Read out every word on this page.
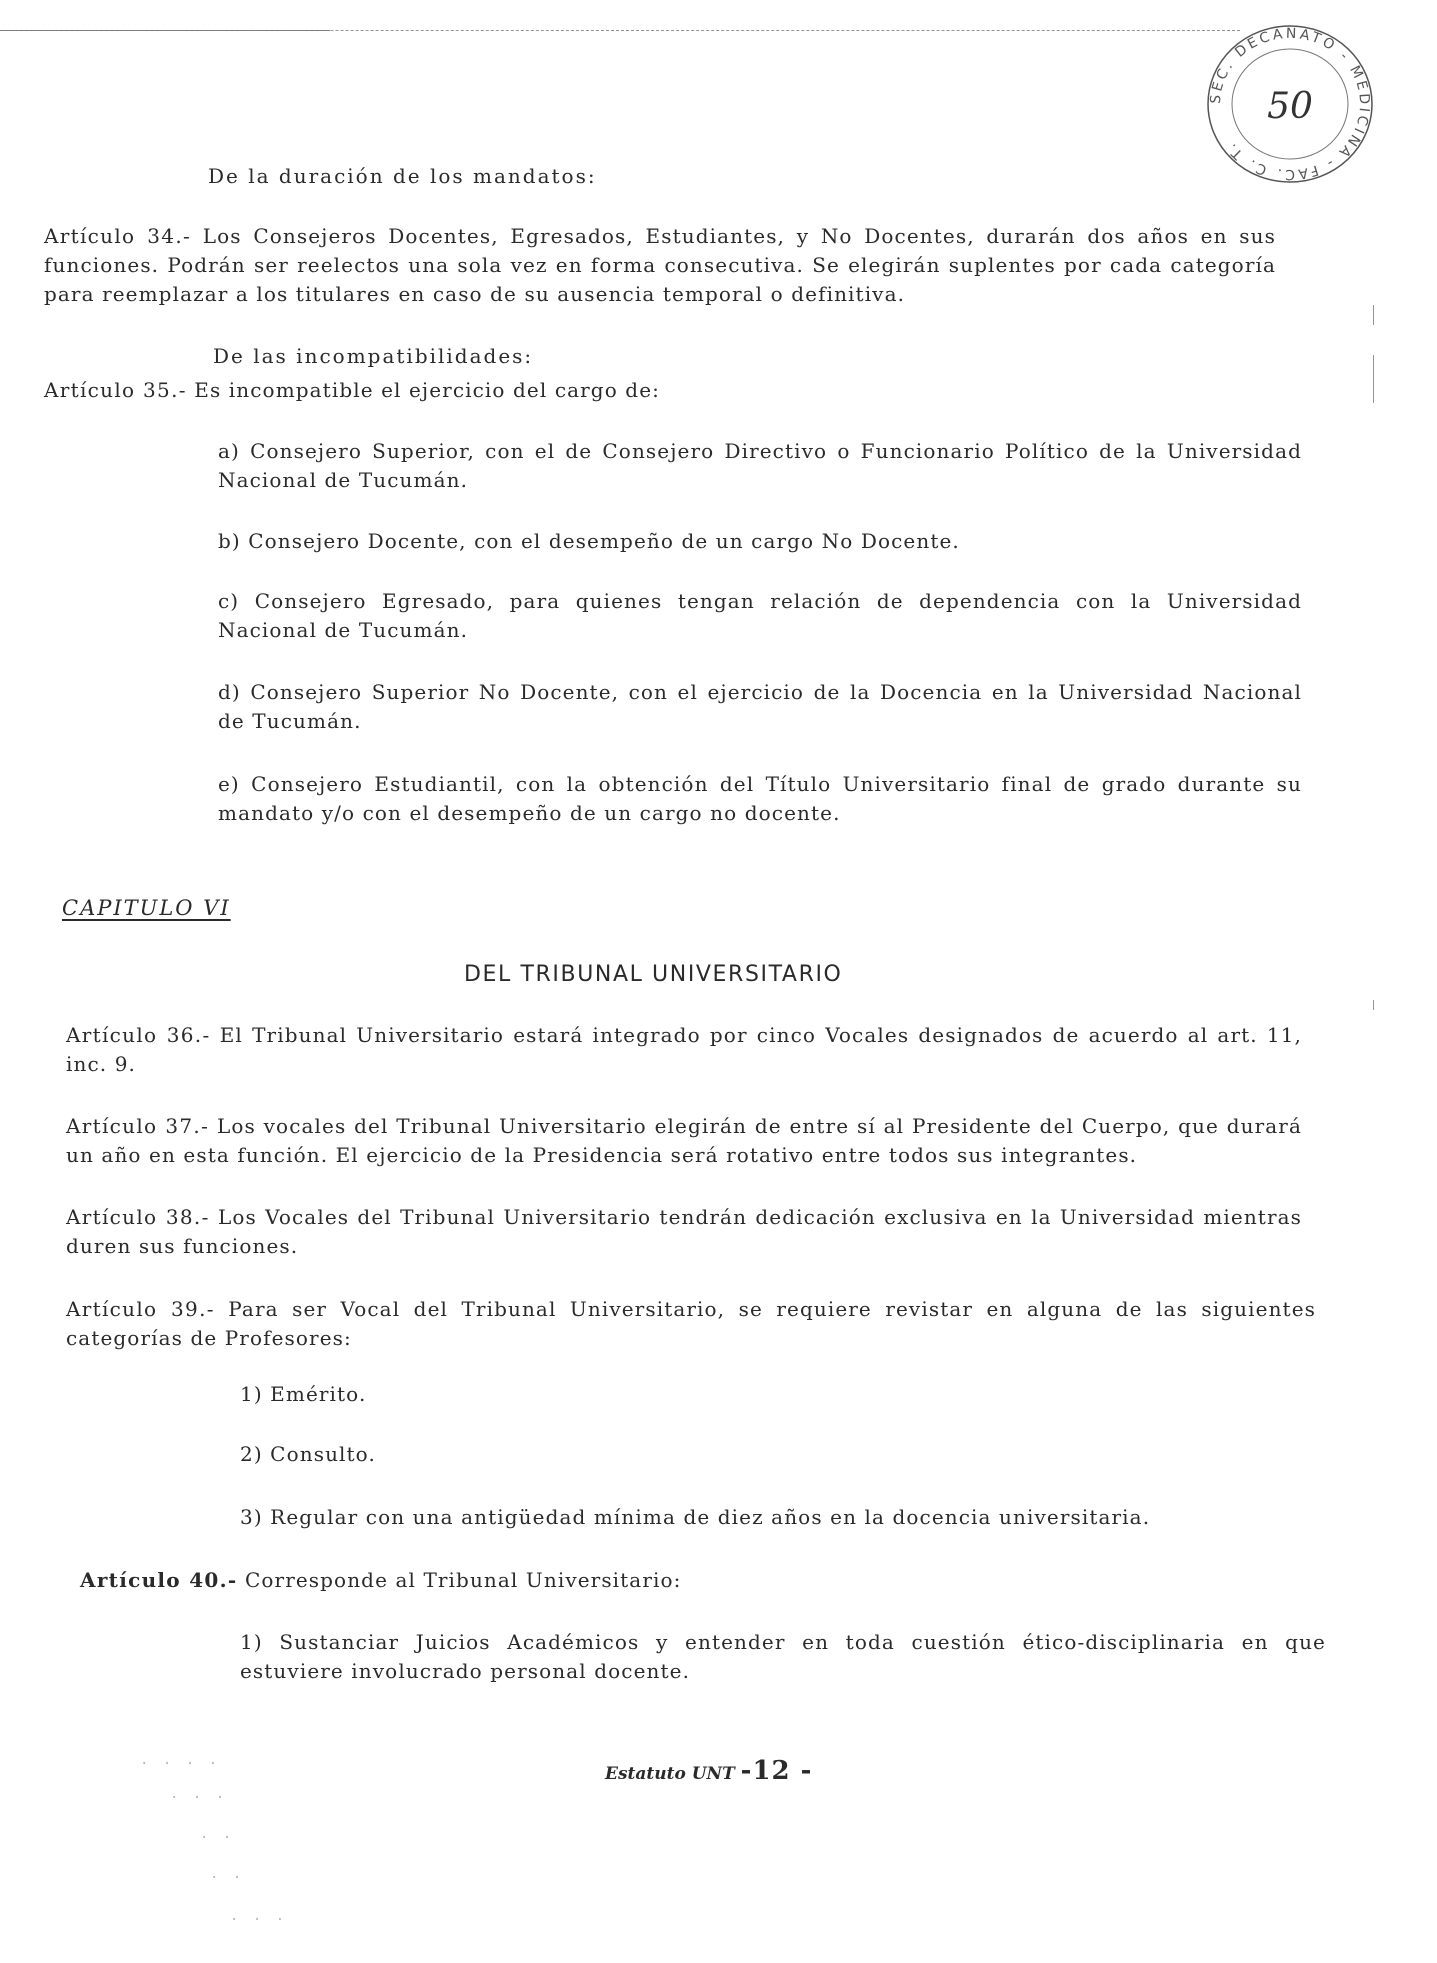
SEC. DECANATO - MEDICINA - FAC. C. T.
50
De la duración de los mandatos:
Artículo 34.- Los Consejeros Docentes, Egresados, Estudiantes, y No Docentes, durarán dos años en sus funciones. Podrán ser reelectos una sola vez en forma consecutiva. Se elegirán suplentes por cada categoría para reemplazar a los titulares en caso de su ausencia temporal o definitiva.
De las incompatibilidades:
Artículo 35.- Es incompatible el ejercicio del cargo de:
a) Consejero Superior, con el de Consejero Directivo o Funcionario Político de la Universidad Nacional de Tucumán.
b) Consejero Docente, con el desempeño de un cargo No Docente.
c) Consejero Egresado, para quienes tengan relación de dependencia con la Universidad Nacional de Tucumán.
d) Consejero Superior No Docente, con el ejercicio de la Docencia en la Universidad Nacional de Tucumán.
e) Consejero Estudiantil, con la obtención del Título Universitario final de grado durante su mandato y/o con el desempeño de un cargo no docente.
CAPITULO VI
DEL TRIBUNAL UNIVERSITARIO
Artículo 36.- El Tribunal Universitario estará integrado por cinco Vocales designados de acuerdo al art. 11, inc. 9.
Artículo 37.- Los vocales del Tribunal Universitario elegirán de entre sí al Presidente del Cuerpo, que durará un año en esta función. El ejercicio de la Presidencia será rotativo entre todos sus integrantes.
Artículo 38.- Los Vocales del Tribunal Universitario tendrán dedicación exclusiva en la Universidad mientras duren sus funciones.
Artículo 39.- Para ser Vocal del Tribunal Universitario, se requiere revistar en alguna de las siguientes categorías de Profesores:
1) Emérito.
2) Consulto.
3) Regular con una antigüedad mínima de diez años en la docencia universitaria.
Artículo 40.- Corresponde al Tribunal Universitario:
1) Sustanciar Juicios Académicos y entender en toda cuestión ético-disciplinaria en que estuviere involucrado personal docente.
Estatuto UNT -12 -
· · · ·
· · ·
· ·
· ·
· · ·
